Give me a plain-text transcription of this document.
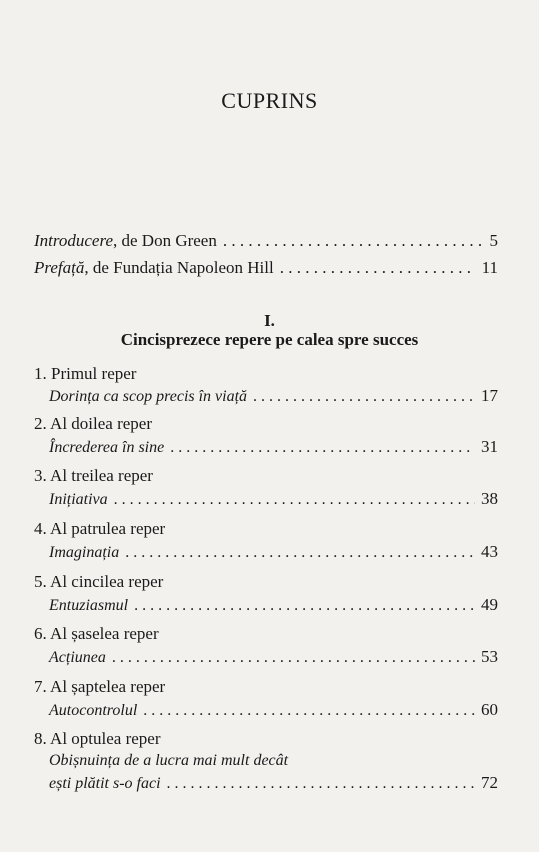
CUPRINS
Introducere, de Don Green . . .	5
Prefață, de Fundația Napoleon Hill . . .	11
I.
Cincisprezece repere pe calea spre succes
1. Primul reper
Dorința ca scop precis în viață . . .	17
2. Al doilea reper
Încrederea în sine . . .	31
3. Al treilea reper
Inițiativa . . .	38
4. Al patrulea reper
Imaginația . . .	43
5. Al cincilea reper
Entuziasmul . . .	49
6. Al șaselea reper
Acțiunea . . .	53
7. Al șaptelea reper
Autocontrolul . . .	60
8. Al optulea reper
Obișnuința de a lucra mai mult decât
ești plătit s-o faci . . .	72
